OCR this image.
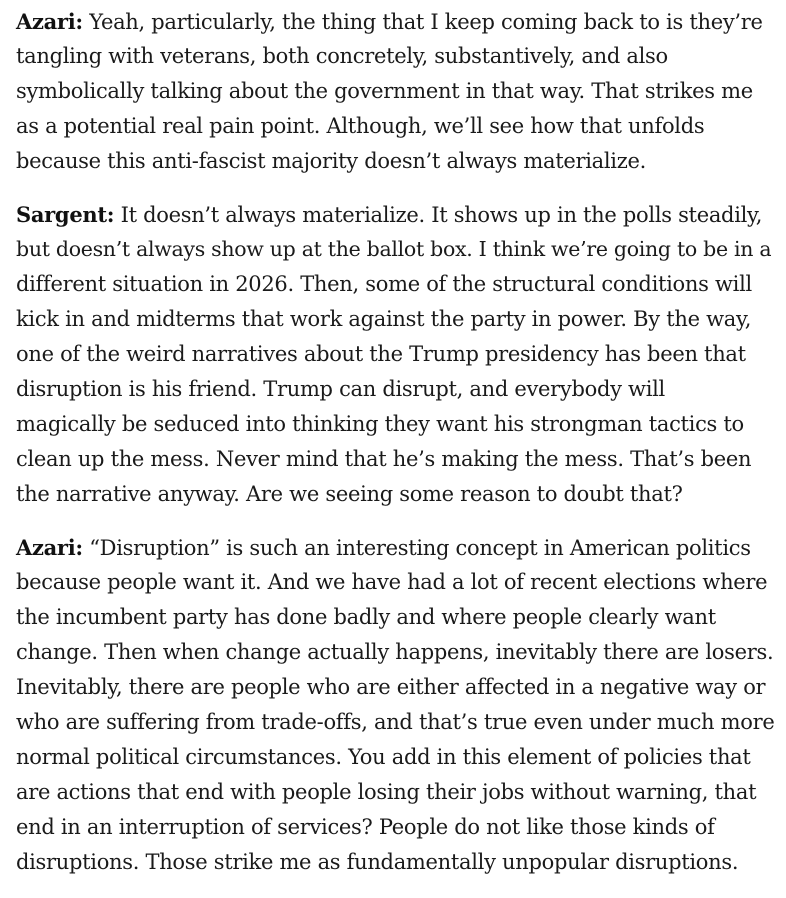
Azari: Yeah, particularly, the thing that I keep coming back to is they’re
tangling with veterans, both concretely, substantively, and also
symbolically talking about the government in that way. That strikes me
as a potential real pain point. Although, we’ll see how that unfolds
because this anti-fascist majority doesn’t always materialize.

Sargent: It doesn’t always materialize. It shows up in the polls steadily,
but doesn’t always show up at the ballot box. I think we’re going to be in a
different situation in 2026. Then, some of the structural conditions will
kick in and midterms that work against the party in power. By the way,
one of the weird narratives about the Trump presidency has been that
disruption is his friend. Trump can disrupt, and everybody will
magically be seduced into thinking they want his strongman tactics to
clean up the mess. Never mind that he’s making the mess. That’s been
the narrative anyway. Are we seeing some reason to doubt that?

Azari: “Disruption” is such an interesting concept in American politics
because people want it. And we have had a lot of recent elections where
the incumbent party has done badly and where people clearly want
change. Then when change actually happens, inevitably there are losers.
Inevitably, there are people who are either affected in a negative way or
who are suffering from trade-offs, and that’s true even under much more
normal political circumstances. You add in this element of policies that
are actions that end with people losing their jobs without warning, that
end in an interruption of services? People do not like those kinds of
disruptions. Those strike me as fundamentally unpopular disruptions.
